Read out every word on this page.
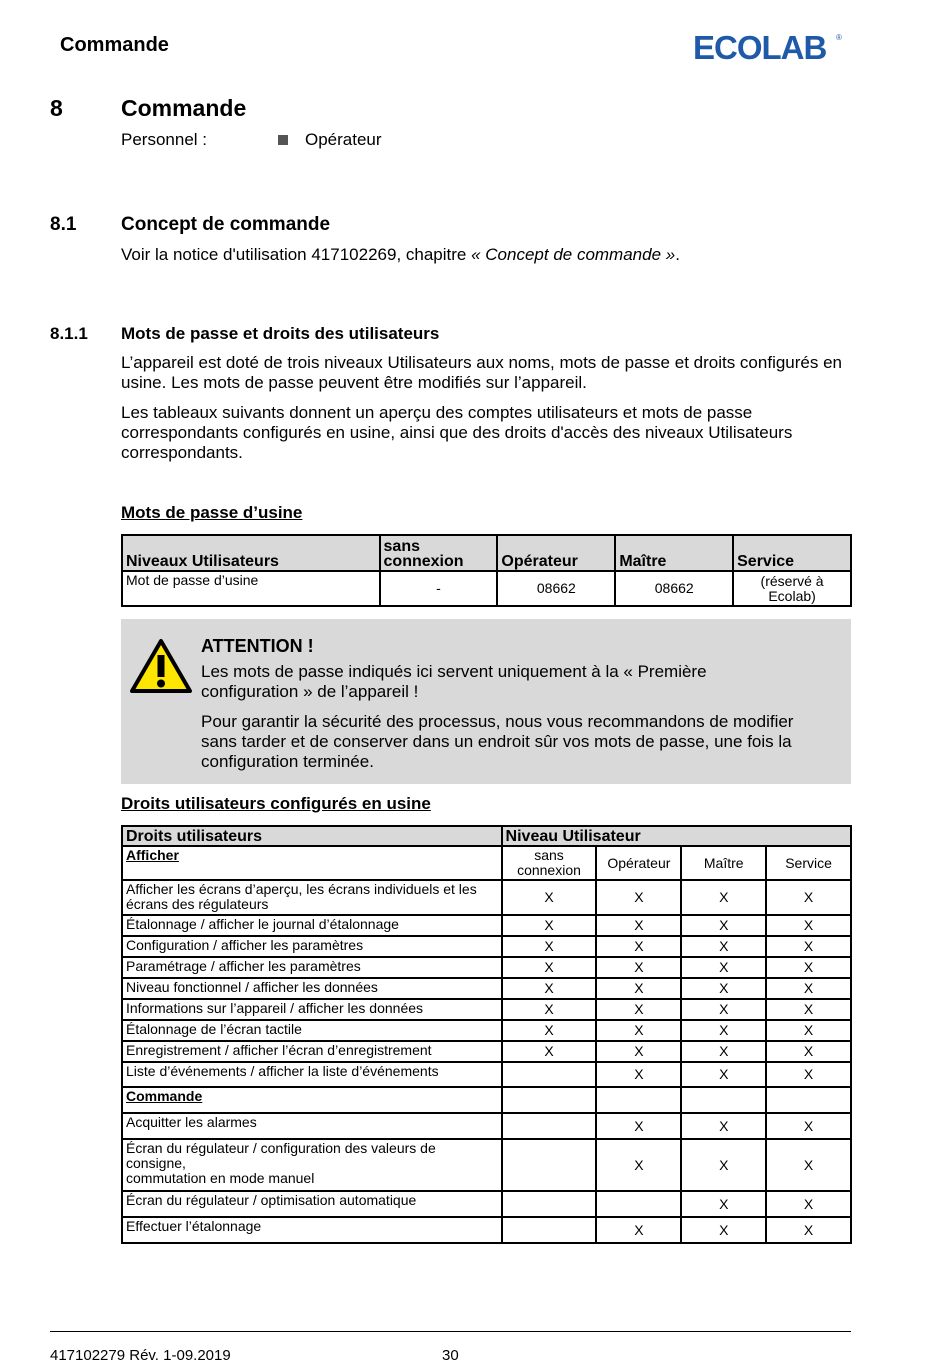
Commande	ECOLAB ®
8	Commande
Personnel :	Opérateur
8.1 Concept de commande
Voir la notice d'utilisation 417102269, chapitre « Concept de commande ».
8.1.1 Mots de passe et droits des utilisateurs
L’appareil est doté de trois niveaux Utilisateurs aux noms, mots de passe et droits configurés en usine. Les mots de passe peuvent être modifiés sur l’appareil.
Les tableaux suivants donnent un aperçu des comptes utilisateurs et mots de passe correspondants configurés en usine, ainsi que des droits d'accès des niveaux Utilisateurs correspondants.
Mots de passe d’usine
Niveaux Utilisateurs	sans connexion	Opérateur	Maître	Service
Mot de passe d’usine	-	08662	08662	(réservé à Ecolab)
ATTENTION !
Les mots de passe indiqués ici servent uniquement à la « Première configuration » de l’appareil !
Pour garantir la sécurité des processus, nous vous recommandons de modifier sans tarder et de conserver dans un endroit sûr vos mots de passe, une fois la configuration terminée.
Droits utilisateurs configurés en usine
Droits utilisateurs	Niveau Utilisateur			
Afficher	sans connexion	Opérateur	Maître	Service
Afficher les écrans d’aperçu, les écrans individuels et les écrans des régulateurs	X	X	X	X
Étalonnage / afficher le journal d’étalonnage	X	X	X	X
Configuration / afficher les paramètres	X	X	X	X
Paramétrage / afficher les paramètres	X	X	X	X
Niveau fonctionnel / afficher les données	X	X	X	X
Informations sur l’appareil / afficher les données	X	X	X	X
Étalonnage de l’écran tactile	X	X	X	X
Enregistrement / afficher l’écran d’enregistrement	X	X	X	X
Liste d’événements / afficher la liste d’événements		X	X	X
Commande				
Acquitter les alarmes		X	X	X
Écran du régulateur / configuration des valeurs de consigne,
commutation en mode manuel		X	X	X
Écran du régulateur / optimisation automatique			X	X
Effectuer l’étalonnage		X	X	X
417102279 Rév. 1-09.2019	30
